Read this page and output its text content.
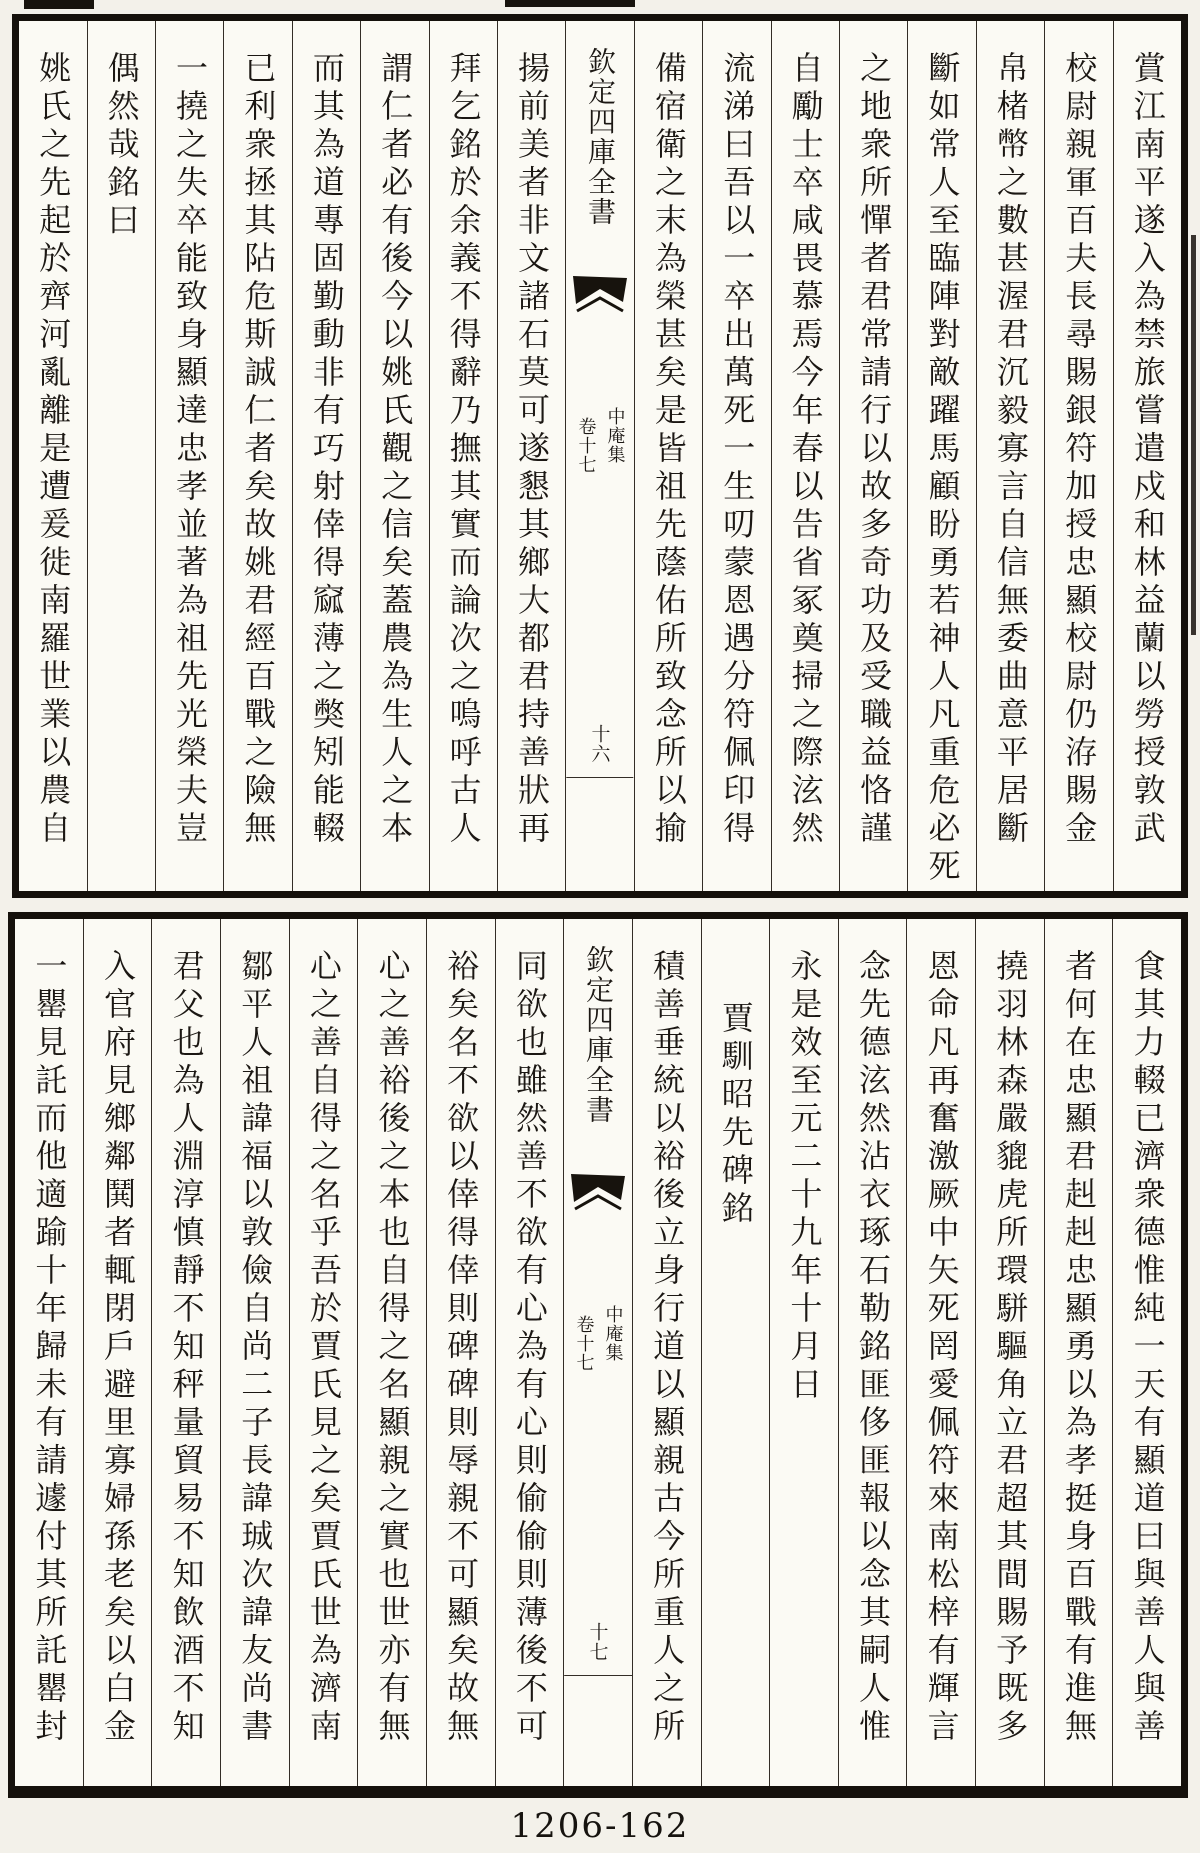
賞江南平遂入為禁旅嘗遣戍和林益蘭以勞授敦武
校尉親軍百夫長尋賜銀符加授忠顯校尉仍洊賜金
帛楮幣之數甚渥君沉毅寡言自信無委曲意平居斷
斷如常人至臨陣對敵躍馬顧盼勇若神人凡重危必死
之地衆所憚者君常請行以故多奇功及受職益恪謹
自勵士卒咸畏慕焉今年春以告省冢奠掃之際泫然
流涕曰吾以一卒出萬死一生叨蒙恩遇分符佩印得
備宿衛之末為榮甚矣是皆祖先蔭佑所致念所以揄
欽定四庫全書
中庵集
卷十七
十六
揚前美者非文諸石莫可遂懇其鄉大都君持善狀再
拜乞銘於余義不得辭乃撫其實而論次之嗚呼古人
謂仁者必有後今以姚氏觀之信矣蓋農為生人之本
而其為道專固勤動非有巧射倖得窳薄之獘矧能輟
已利衆拯其阽危斯誠仁者矣故姚君經百戰之險無
一撓之失卒能致身顯達忠孝並著為祖先光榮夫豈
偶然哉銘曰
姚氏之先起於齊河亂離是遭爰徙南羅世業以農自
食其力輟已濟衆德惟純一天有顯道曰與善人與善
者何在忠顯君赳赳忠顯勇以為孝挺身百戰有進無
撓羽林森嚴貔虎所環駢驅角立君超其間賜予既多
恩命凡再奮激厥中矢死罔愛佩符來南松梓有輝言
念先德泫然沾衣琢石勒銘匪侈匪報以念其嗣人惟
永是效至元二十九年十月日
賈馴昭先碑銘
積善垂統以裕後立身行道以顯親古今所重人之所
欽定四庫全書
中庵集
卷十七
十七
同欲也雖然善不欲有心為有心則偷偷則薄後不可
裕矣名不欲以倖得倖則碑碑則辱親不可顯矣故無
心之善裕後之本也自得之名顯親之實也世亦有無
心之善自得之名乎吾於賈氏見之矣賈氏世為濟南
鄒平人祖諱福以敦儉自尚二子長諱珹次諱友尚書
君父也為人淵淳慎靜不知秤量貿易不知飲酒不知
入官府見鄉鄰鬨者輒閉戶避里寡婦孫老矣以白金
一罌見託而他適踰十年歸未有請遽付其所託罌封
1206-162
